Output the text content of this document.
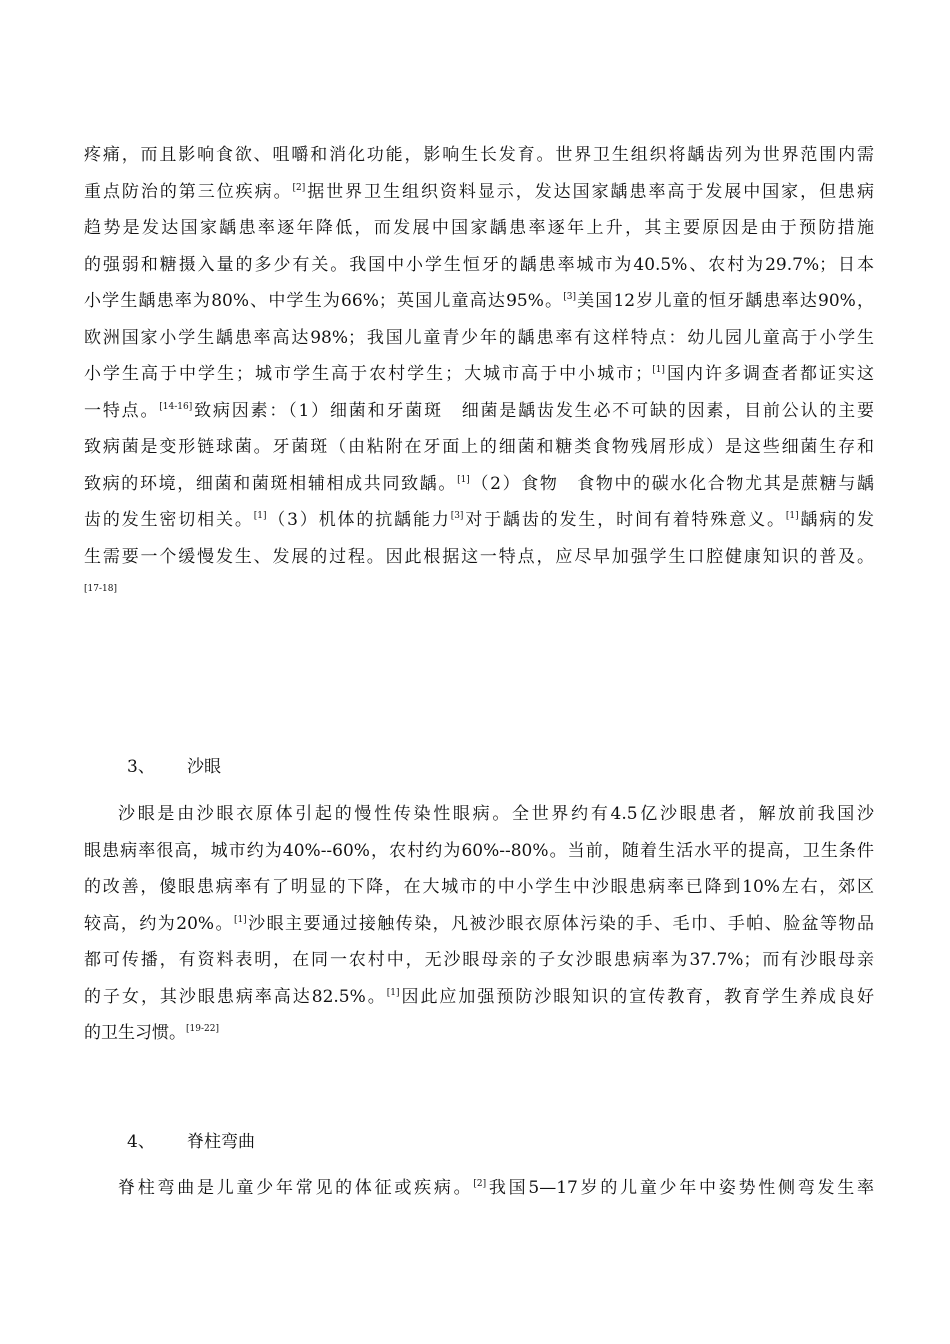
疼痛，而且影响食欲、咀嚼和消化功能，影响生长发育。世界卫生组织将龋齿列为世界范围内需
重点防治的第三位疾病。[2]据世界卫生组织资料显示，发达国家龋患率高于发展中国家，但患病
趋势是发达国家龋患率逐年降低，而发展中国家龋患率逐年上升，其主要原因是由于预防措施
的强弱和糖摄入量的多少有关。我国中小学生恒牙的龋患率城市为40.5%、农村为29.7%；日本
小学生龋患率为80%、中学生为66%；英国儿童高达95%。[3]美国12岁儿童的恒牙龋患率达90%，
欧洲国家小学生龋患率高达98%；我国儿童青少年的龋患率有这样特点：幼儿园儿童高于小学生
小学生高于中学生；城市学生高于农村学生；大城市高于中小城市；[1]国内许多调查者都证实这
一特点。[14-16]致病因素：（1）细菌和牙菌斑　细菌是龋齿发生必不可缺的因素，目前公认的主要
致病菌是变形链球菌。牙菌斑（由粘附在牙面上的细菌和糖类食物残屑形成）是这些细菌生存和
致病的环境，细菌和菌斑相辅相成共同致龋。[1]（2）食物　食物中的碳水化合物尤其是蔗糖与龋
齿的发生密切相关。[1]（3）机体的抗龋能力[3]对于龋齿的发生，时间有着特殊意义。[1]龋病的发
生需要一个缓慢发生、发展的过程。因此根据这一特点，应尽早加强学生口腔健康知识的普及。
[17-18]
3、 沙眼
沙眼是由沙眼衣原体引起的慢性传染性眼病。全世界约有4.5亿沙眼患者，解放前我国沙
眼患病率很高，城市约为40%--60%，农村约为60%--80%。当前，随着生活水平的提高，卫生条件
的改善，傻眼患病率有了明显的下降，在大城市的中小学生中沙眼患病率已降到10%左右，郊区
较高，约为20%。[1]沙眼主要通过接触传染，凡被沙眼衣原体污染的手、毛巾、手帕、脸盆等物品
都可传播，有资料表明，在同一农村中，无沙眼母亲的子女沙眼患病率为37.7%；而有沙眼母亲
的子女，其沙眼患病率高达82.5%。[1]因此应加强预防沙眼知识的宣传教育，教育学生养成良好
的卫生习惯。[19-22]
4、 脊柱弯曲
脊柱弯曲是儿童少年常见的体征或疾病。[2]我国5—17岁的儿童少年中姿势性侧弯发生率
